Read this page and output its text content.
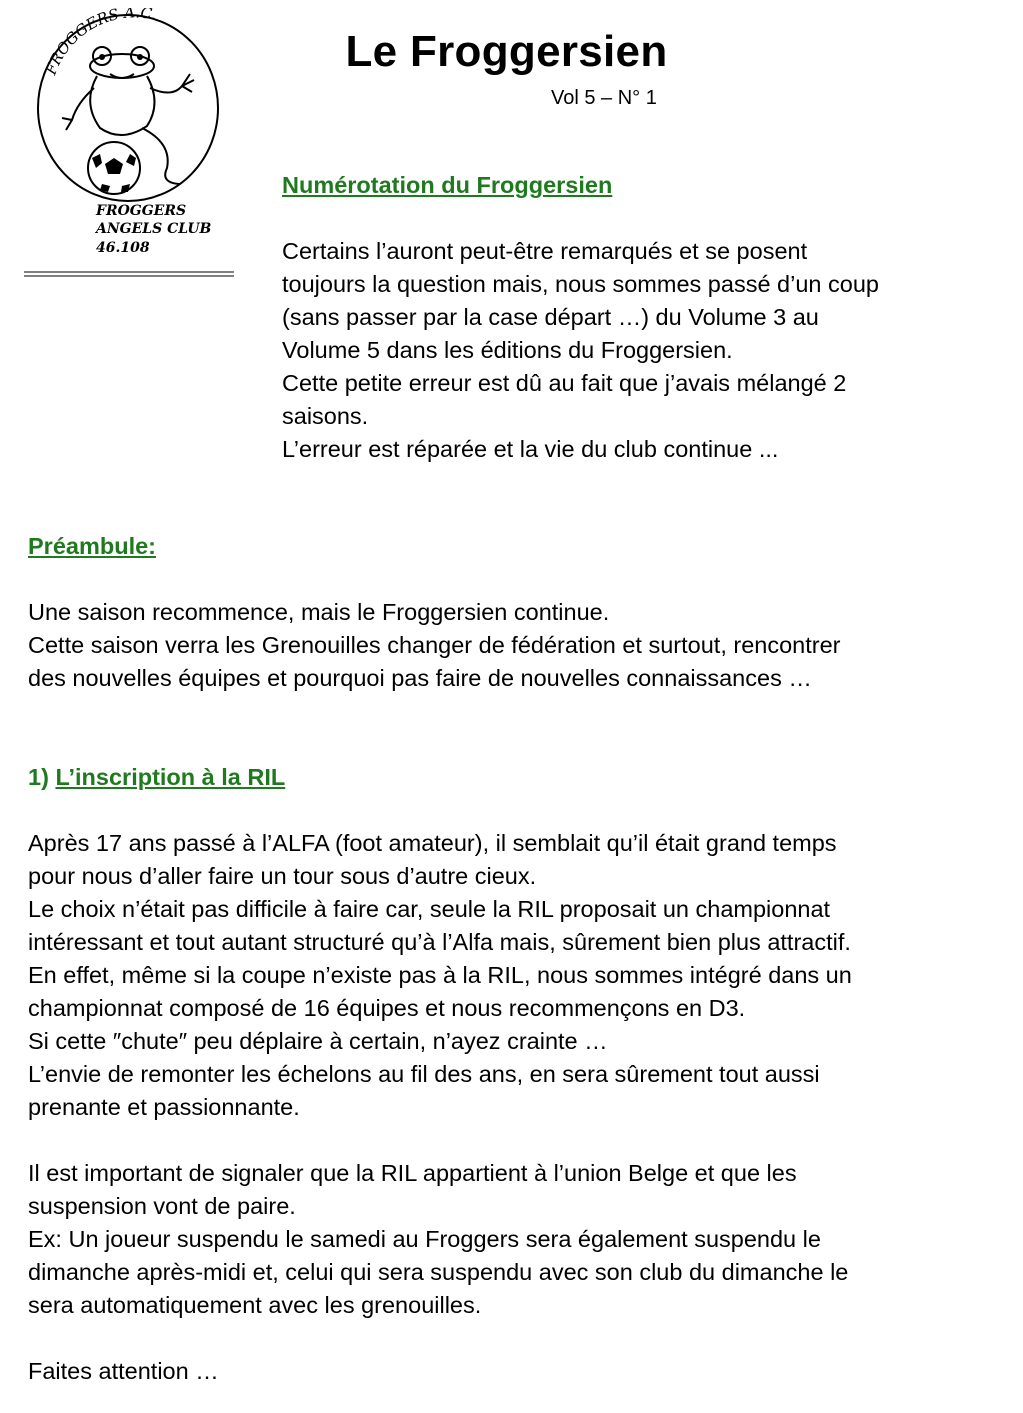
FROGGERS A.C.
FROGGERS
ANGELS CLUB
46.108
Le Froggersien
Vol 5 – N° 1

Numérotation du Froggersien

Certains l’auront peut-être remarqués et se posent

toujours la question mais, nous sommes passé d’un coup

(sans passer par la case départ …) du Volume 3 au

Volume 5 dans les éditions du Froggersien.

Cette petite erreur est dû au fait que j’avais mélangé 2

saisons.

L’erreur est réparée et la vie du club continue ...

Préambule:

Une saison recommence, mais le Froggersien continue.

Cette saison verra les Grenouilles changer de fédération et surtout, rencontrer

des nouvelles équipes et pourquoi pas faire de nouvelles connaissances …

1) L’inscription à la RIL

Après 17 ans passé à l’ALFA (foot amateur), il semblait qu’il était grand temps

pour nous d’aller faire un tour sous d’autre cieux.

Le choix n’était pas difficile à faire car, seule la RIL proposait un championnat

intéressant et tout autant structuré qu’à l’Alfa mais, sûrement bien plus attractif.

En effet, même si la coupe n’existe pas à la RIL, nous sommes intégré dans un

championnat composé de 16 équipes et nous recommençons en D3.

Si cette ″chute″ peu déplaire à certain, n’ayez crainte …

L’envie de remonter les échelons au fil des ans, en sera sûrement tout aussi

prenante et passionnante.

Il est important de signaler que la RIL appartient à l’union Belge et que les

suspension vont de paire.

Ex: Un joueur suspendu le samedi au Froggers sera également suspendu le

dimanche après-midi et, celui qui sera suspendu avec son club du dimanche le

sera automatiquement avec les grenouilles.

Faites attention …
